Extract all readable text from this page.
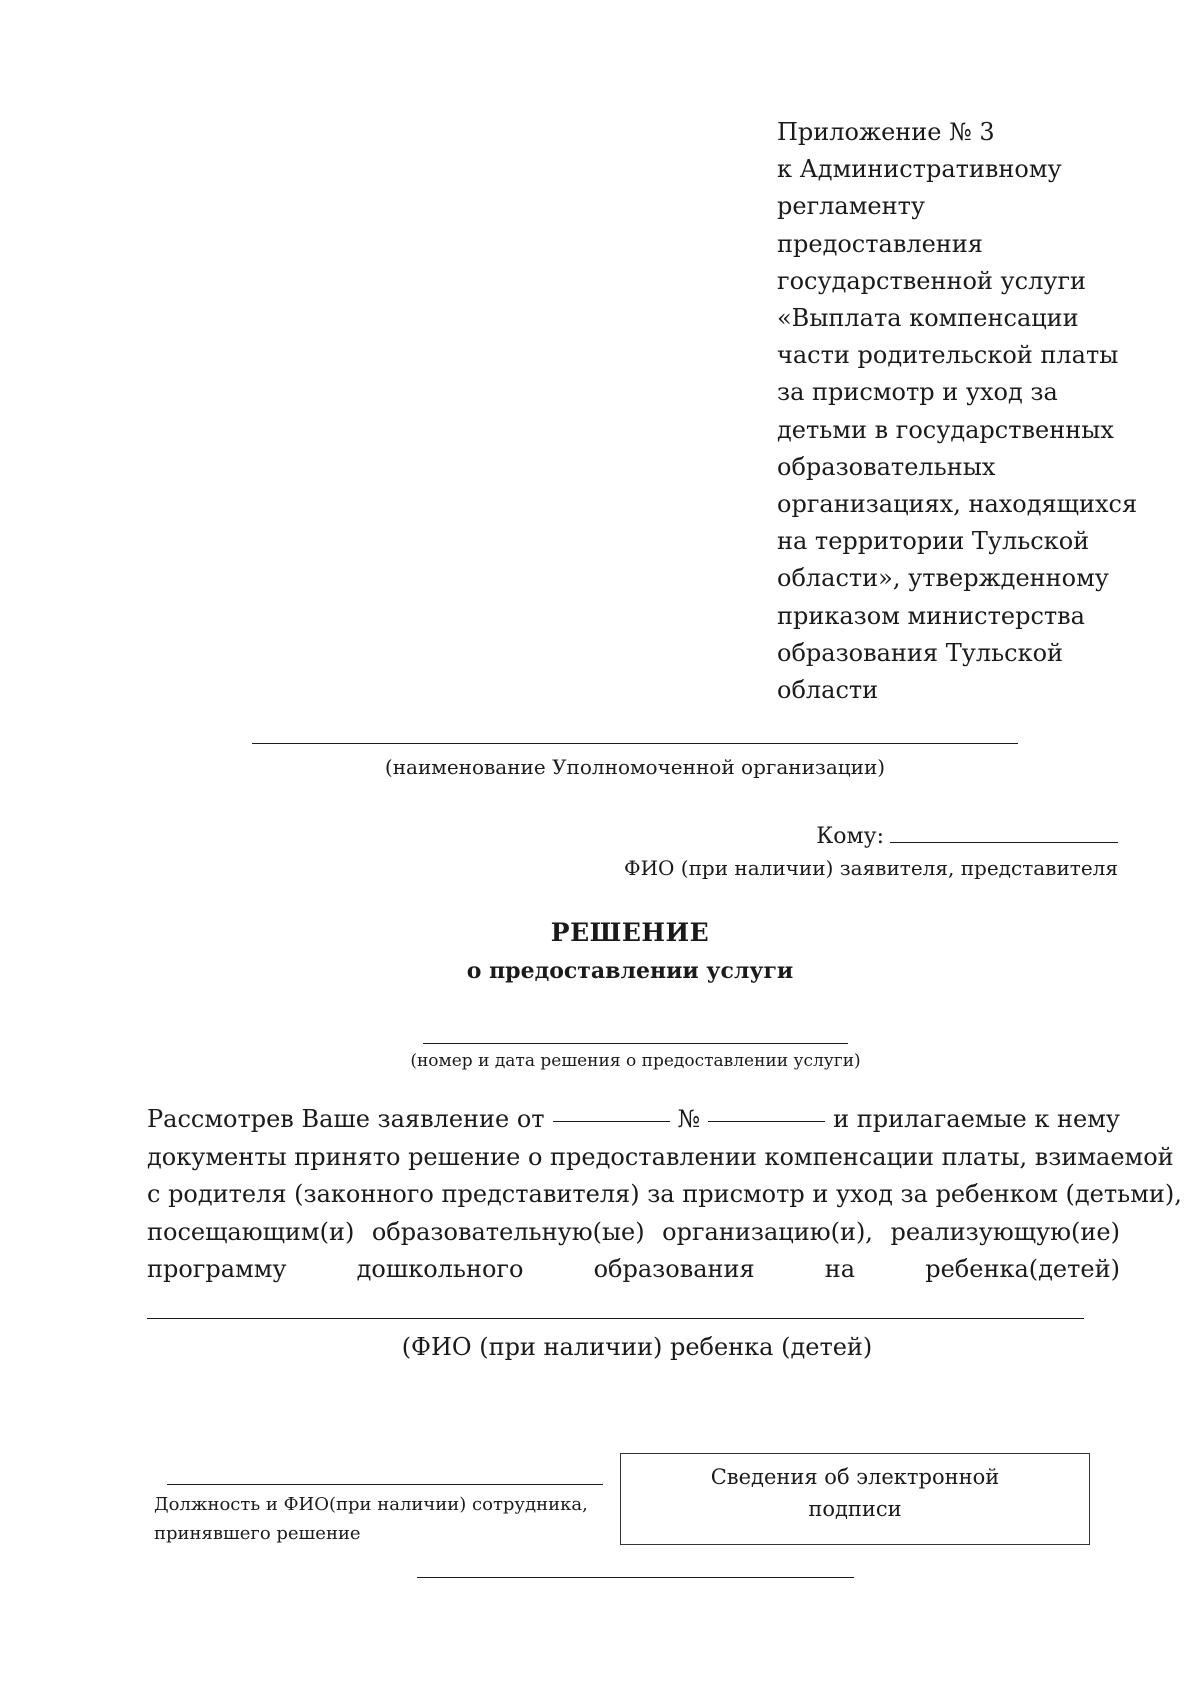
Приложение № 3
к Административному
регламенту
предоставления
государственной услуги
«Выплата компенсации
части родительской платы
за присмотр и уход за
детьми в государственных
образовательных
организациях, находящихся
на территории Тульской
области», утвержденному
приказом министерства
образования Тульской
области
(наименование Уполномоченной организации)
Кому:
ФИО (при наличии) заявителя, представителя
РЕШЕНИЕ
о предоставлении услуги
(номер и дата решения о предоставлении услуги)
Рассмотрев Ваше заявление от	№	и прилагаемые к нему
документы принято решение о предоставлении компенсации платы, взимаемой
с родителя (законного представителя) за присмотр и уход за ребенком (детьми),
посещающим(и) образовательную(ые) организацию(и), реализующую(ие)
программу	дошкольного	образования	на	ребенка(детей)
(ФИО (при наличии) ребенка (детей)
Должность и ФИО(при наличии) сотрудника,
принявшего решение
Сведения об электронной
подписи
